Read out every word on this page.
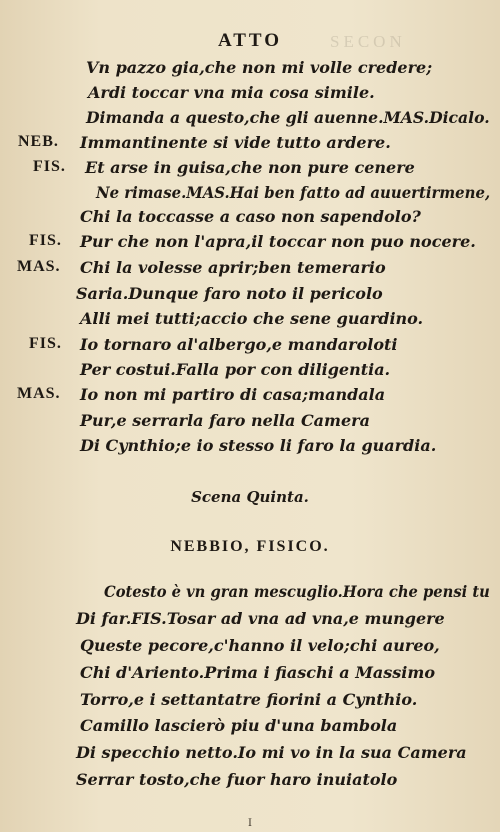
SECON
ATTO
NEB.
FIS.
FIS.
MAS.
FIS.
MAS.
Vn pazzo gia,che non mi volle credere;
Ardi toccar vna mia cosa simile.
Dimanda a questo,che gli auenne.MAS.Dicalo.
Immantinente si vide tutto ardere.
Et arse in guisa,che non pure cenere
Ne rimase.MAS.Hai ben fatto ad auuertirmene,
Chi la toccasse a caso non sapendolo?
Pur che non l'apra,il toccar non puo nocere.
Chi la volesse aprir;ben temerario
Saria.Dunque faro noto il pericolo
Alli mei tutti;accio che sene guardino.
Io tornaro al'albergo,e mandaroloti
Per costui.Falla por con diligentia.
Io non mi partiro di casa;mandala
Pur,e serrarla faro nella Camera
Di Cynthio;e io stesso li faro la guardia.
Scena Quinta.
NEBBIO, FISICO.
Cotesto è vn gran mescuglio.Hora che pensi tu
Di far.FIS.Tosar ad vna ad vna,e mungere
Queste pecore,c'hanno il velo;chi aureo,
Chi d'Ariento.Prima i fiaschi a Massimo
Torro,e i settantatre fiorini a Cynthio.
Camillo lascierò piu d'una bambola
Di specchio netto.Io mi vo in la sua Camera
Serrar tosto,che fuor haro inuiatolo
I
